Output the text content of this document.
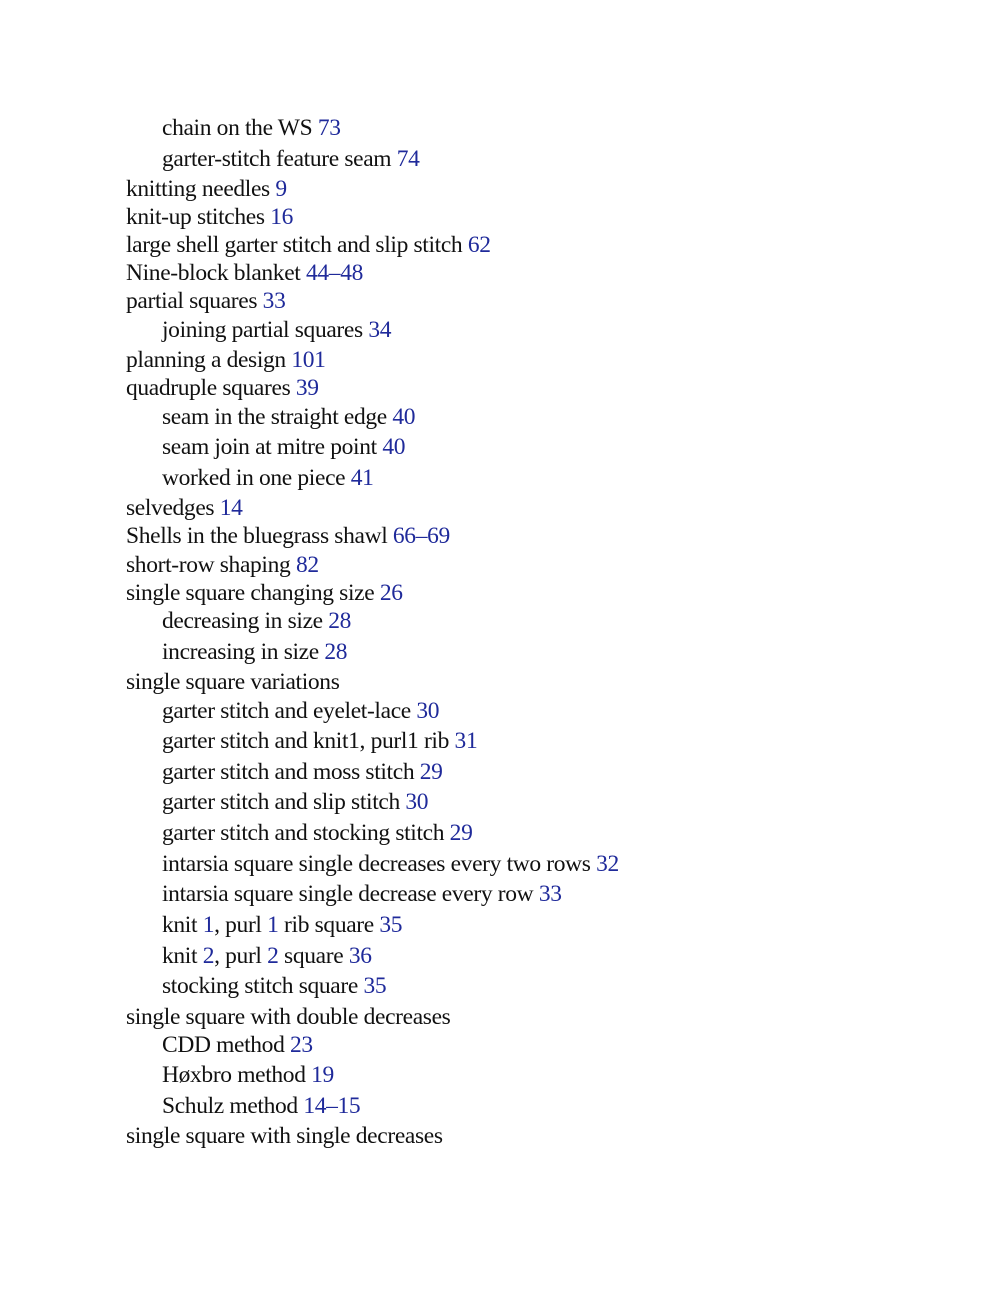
chain on the WS 73
garter-stitch feature seam 74
knitting needles 9
knit-up stitches 16
large shell garter stitch and slip stitch 62
Nine-block blanket 44–48
partial squares 33
joining partial squares 34
planning a design 101
quadruple squares 39
seam in the straight edge 40
seam join at mitre point 40
worked in one piece 41
selvedges 14
Shells in the bluegrass shawl 66–69
short-row shaping 82
single square changing size 26
decreasing in size 28
increasing in size 28
single square variations
garter stitch and eyelet-lace 30
garter stitch and knit1, purl1 rib 31
garter stitch and moss stitch 29
garter stitch and slip stitch 30
garter stitch and stocking stitch 29
intarsia square single decreases every two rows 32
intarsia square single decrease every row 33
knit 1, purl 1 rib square 35
knit 2, purl 2 square 36
stocking stitch square 35
single square with double decreases
CDD method 23
Høxbro method 19
Schulz method 14–15
single square with single decreases
